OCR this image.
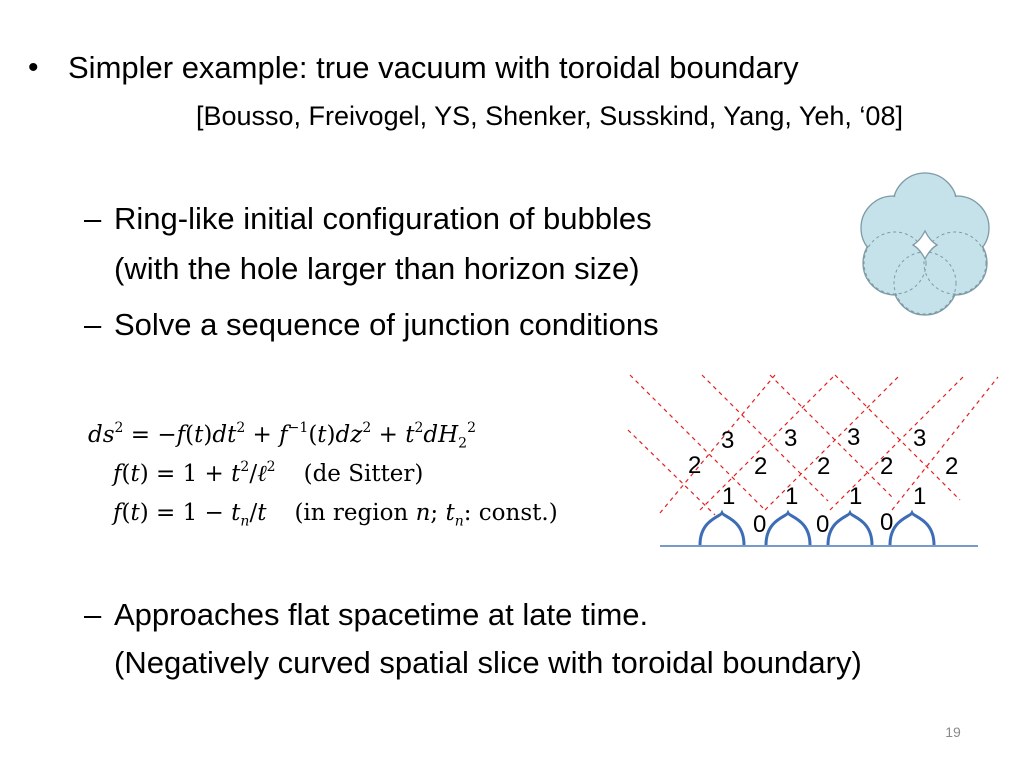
• Simpler example: true vacuum with toroidal boundary
[Bousso, Freivogel, YS, Shenker, Susskind, Yang, Yeh, ‘08]
– Ring-like initial configuration of bubbles
(with the hole larger than horizon size)
– Solve a sequence of junction conditions
$ds^2 = -f(t)dt^2 + f^{-1}(t)dz^2 + t^2dH_2^2$
$f(t) = 1 + t^2/\ell^2$ (de Sitter)
$f(t) = 1 - t_n/t$ (in region n; $t_n$: const.)
– Approaches flat spacetime at late time.
(Negatively curved spatial slice with toroidal boundary)
3 3 3 3
2 2 2 2 2
1 1 1 1
0 0 0
19
